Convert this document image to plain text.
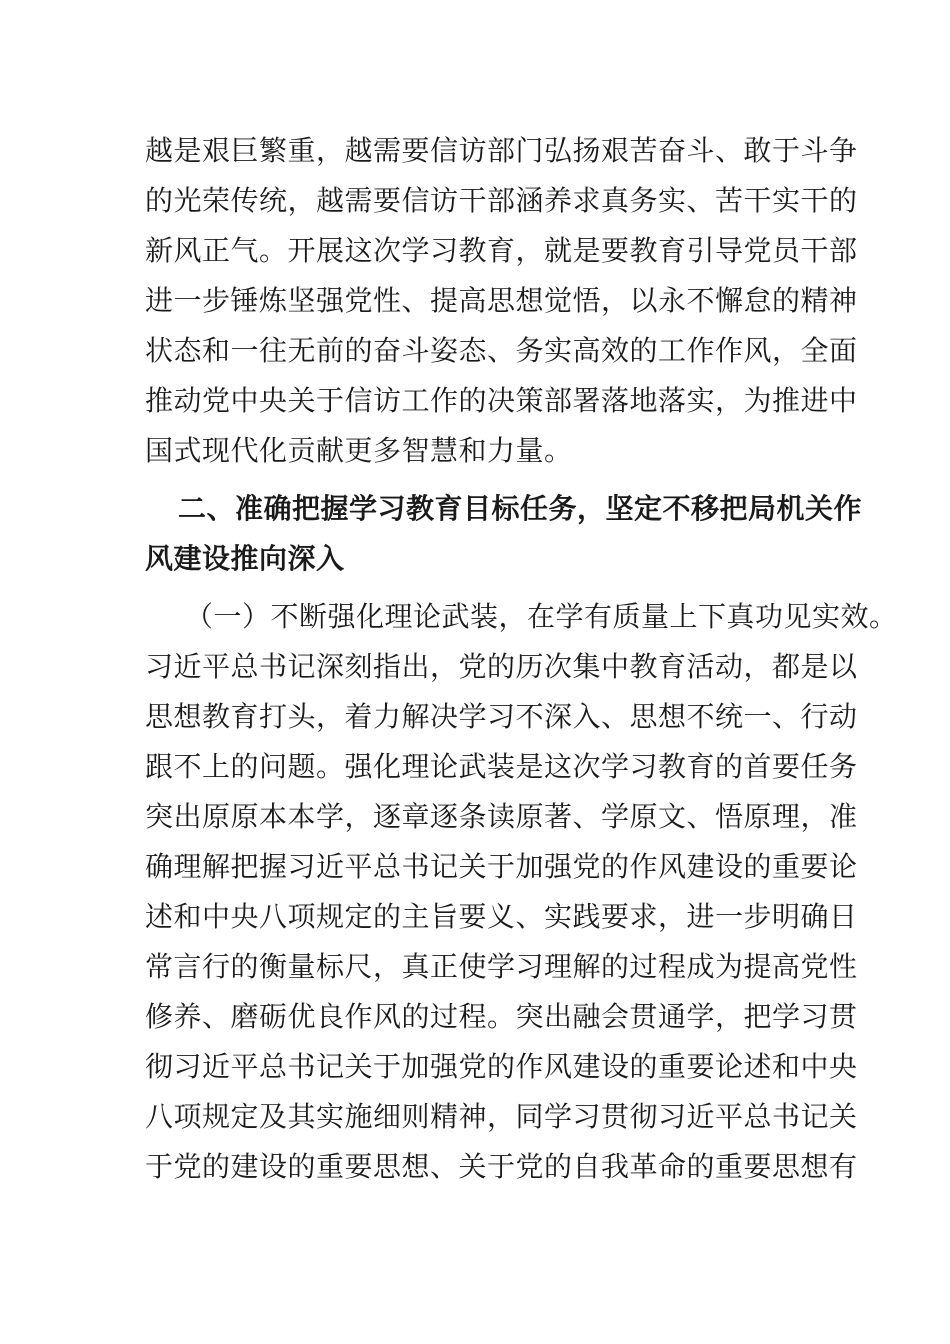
越是艰巨繁重，越需要信访部门弘扬艰苦奋斗、敢于斗争
的光荣传统，越需要信访干部涵养求真务实、苦干实干的
新风正气。开展这次学习教育，就是要教育引导党员干部
进一步锤炼坚强党性、提高思想觉悟，以永不懈怠的精神
状态和一往无前的奋斗姿态、务实高效的工作作风，全面
推动党中央关于信访工作的决策部署落地落实，为推进中
国式现代化贡献更多智慧和力量。
二、准确把握学习教育目标任务，坚定不移把局机关作
风建设推向深入
（一）不断强化理论武装，在学有质量上下真功见实效。
习近平总书记深刻指出，党的历次集中教育活动，都是以
思想教育打头，着力解决学习不深入、思想不统一、行动
跟不上的问题。强化理论武装是这次学习教育的首要任务
突出原原本本学，逐章逐条读原著、学原文、悟原理，准
确理解把握习近平总书记关于加强党的作风建设的重要论
述和中央八项规定的主旨要义、实践要求，进一步明确日
常言行的衡量标尺，真正使学习理解的过程成为提高党性
修养、磨砺优良作风的过程。突出融会贯通学，把学习贯
彻习近平总书记关于加强党的作风建设的重要论述和中央
八项规定及其实施细则精神，同学习贯彻习近平总书记关
于党的建设的重要思想、关于党的自我革命的重要思想有
